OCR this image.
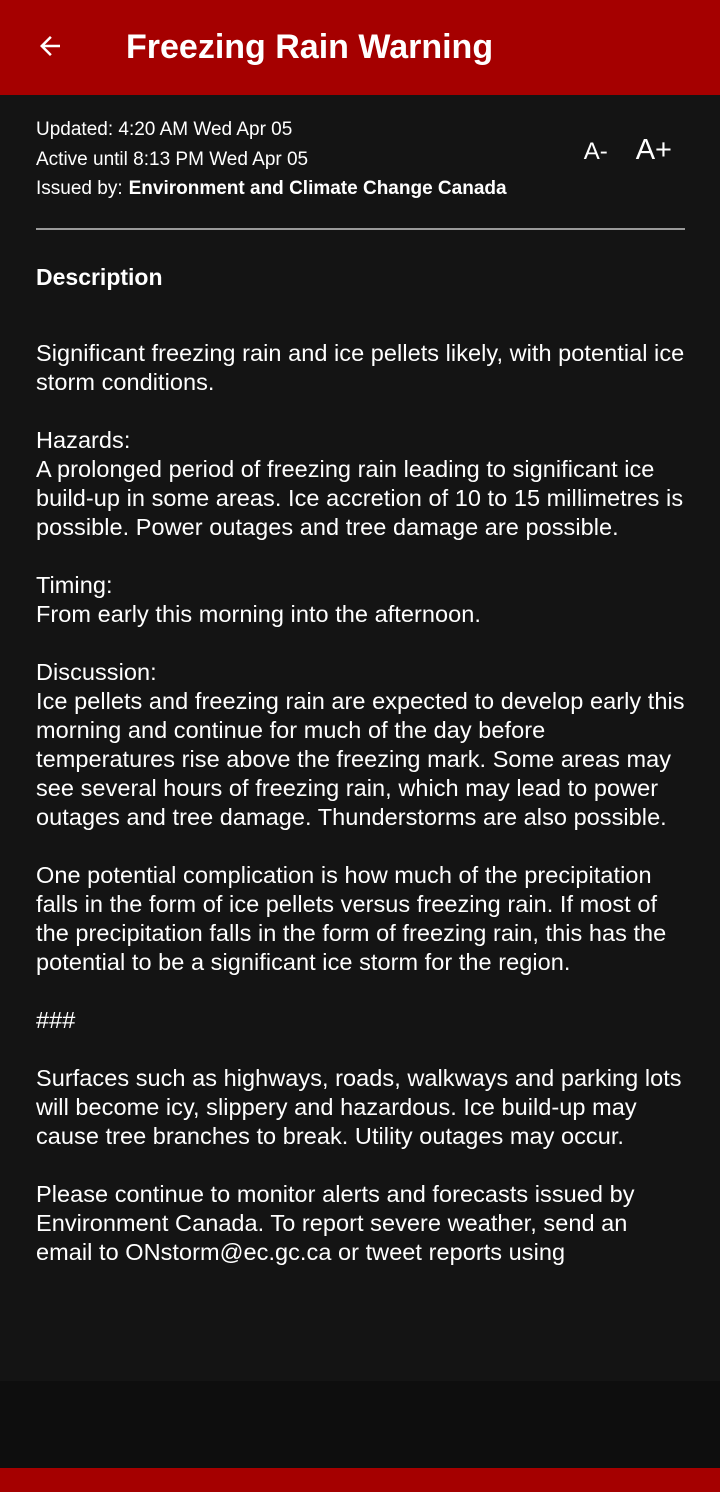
Freezing Rain Warning
Updated: 4:20 AM Wed Apr 05
Active until 8:13 PM Wed Apr 05
Issued by: Environment and Climate Change Canada
A- A+
Description

Significant freezing rain and ice pellets likely, with potential ice storm conditions.

Hazards:
A prolonged period of freezing rain leading to significant ice build-up in some areas. Ice accretion of 10 to 15 millimetres is possible. Power outages and tree damage are possible.

Timing:
From early this morning into the afternoon.

Discussion:
Ice pellets and freezing rain are expected to develop early this morning and continue for much of the day before temperatures rise above the freezing mark. Some areas may see several hours of freezing rain, which may lead to power outages and tree damage. Thunderstorms are also possible.

One potential complication is how much of the precipitation falls in the form of ice pellets versus freezing rain. If most of the precipitation falls in the form of freezing rain, this has the potential to be a significant ice storm for the region.

###

Surfaces such as highways, roads, walkways and parking lots will become icy, slippery and hazardous. Ice build-up may cause tree branches to break. Utility outages may occur.

Please continue to monitor alerts and forecasts issued by Environment Canada. To report severe weather, send an email to ONstorm@ec.gc.ca or tweet reports using
